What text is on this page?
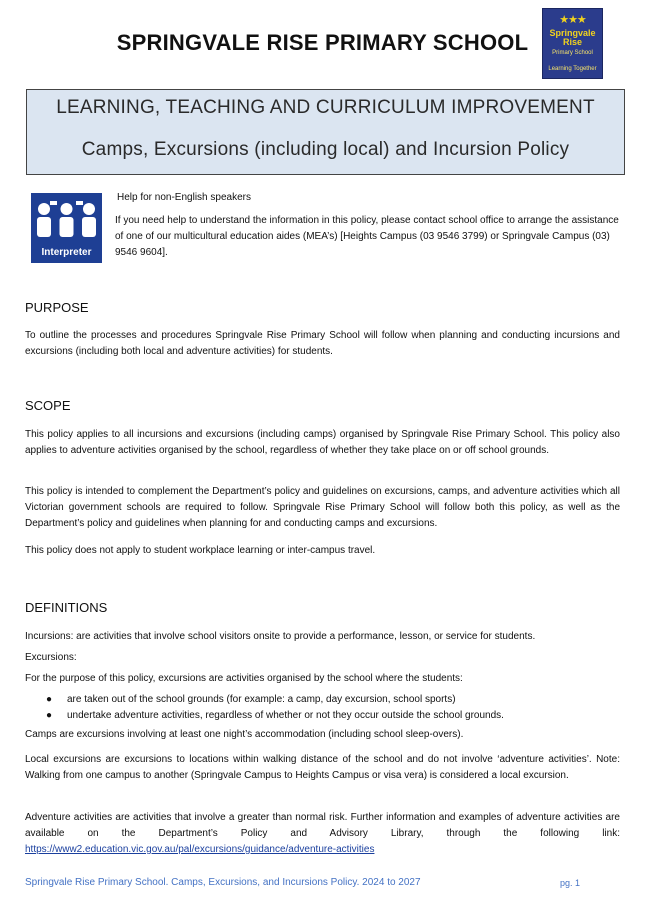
SPRINGVALE RISE PRIMARY SCHOOL
★★★
Springvale
Rise
Primary School
Learning Together
LEARNING, TEACHING AND CURRICULUM IMPROVEMENT
Camps, Excursions (including local) and Incursion Policy
Interpreter
Help for non-English speakers
If you need help to understand the information in this policy, please contact school office to arrange the assistance of one of our multicultural education aides (MEA’s) [Heights Campus (03 9546 3799) or Springvale Campus (03) 9546 9604].
PURPOSE
To outline the processes and procedures Springvale Rise Primary School will follow when planning and conducting incursions and excursions (including both local and adventure activities) for students.
SCOPE
This policy applies to all incursions and excursions (including camps) organised by Springvale Rise Primary School. This policy also applies to adventure activities organised by the school, regardless of whether they take place on or off school grounds.
This policy is intended to complement the Department’s policy and guidelines on excursions, camps, and adventure activities which all Victorian government schools are required to follow. Springvale Rise Primary School will follow both this policy, as well as the Department’s policy and guidelines when planning for and conducting camps and excursions.
This policy does not apply to student workplace learning or inter-campus travel.
DEFINITIONS
Incursions: are activities that involve school visitors onsite to provide a performance, lesson, or service for students.
Excursions:
For the purpose of this policy, excursions are activities organised by the school where the students:
● are taken out of the school grounds (for example: a camp, day excursion, school sports)
● undertake adventure activities, regardless of whether or not they occur outside the school grounds.
Camps are excursions involving at least one night’s accommodation (including school sleep-overs).
Local excursions are excursions to locations within walking distance of the school and do not involve ‘adventure activities’. Note: Walking from one campus to another (Springvale Campus to Heights Campus or visa vera) is considered a local excursion.
Adventure activities are activities that involve a greater than normal risk. Further information and examples of adventure activities are available on the Department’s Policy and Advisory Library, through the following link: https://www2.education.vic.gov.au/pal/excursions/guidance/adventure-activities
Springvale Rise Primary School. Camps, Excursions, and Incursions Policy. 2024 to 2027	pg. 1
